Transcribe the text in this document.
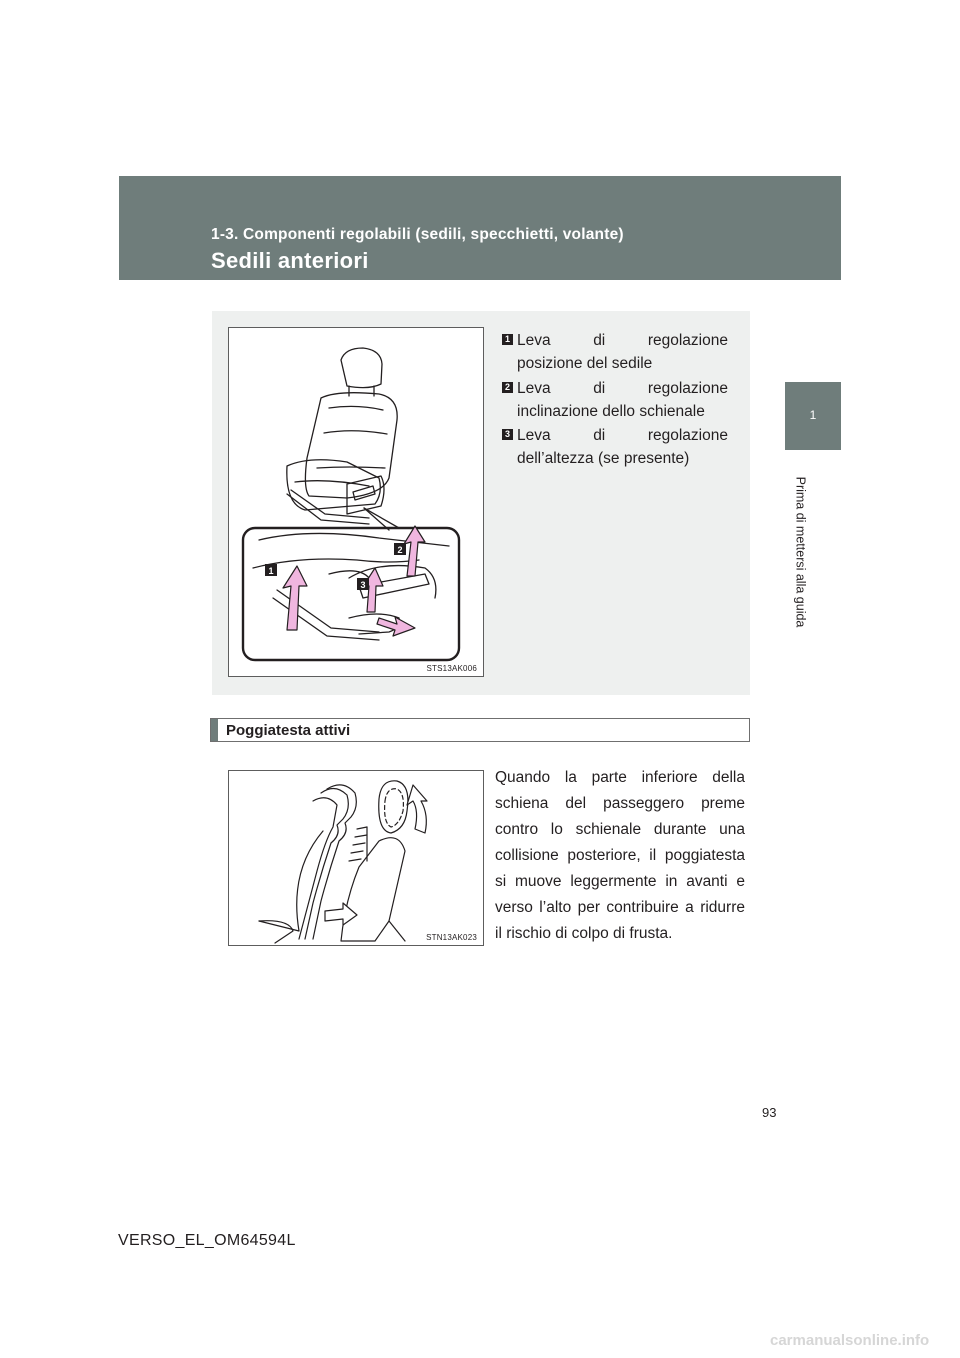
1-3. Componenti regolabili (sedili, specchietti, volante)
Sedili anteriori
1
Prima di mettersi alla guida
1
2
3
STS13AK006
1 Leva	di	regolazione
posizione del sedile
2 Leva	di	regolazione
inclinazione dello schienale
3 Leva	di	regolazione
dell’altezza (se presente)
Poggiatesta attivi
STN13AK023
Quando la parte inferiore della schiena del passeggero preme contro lo schienale durante una collisione posteriore, il poggiatesta si muove leggermente in avanti e verso l’alto per contribuire a ridurre il rischio di colpo di frusta.
93
VERSO_EL_OM64594L
carmanualsonline.info
